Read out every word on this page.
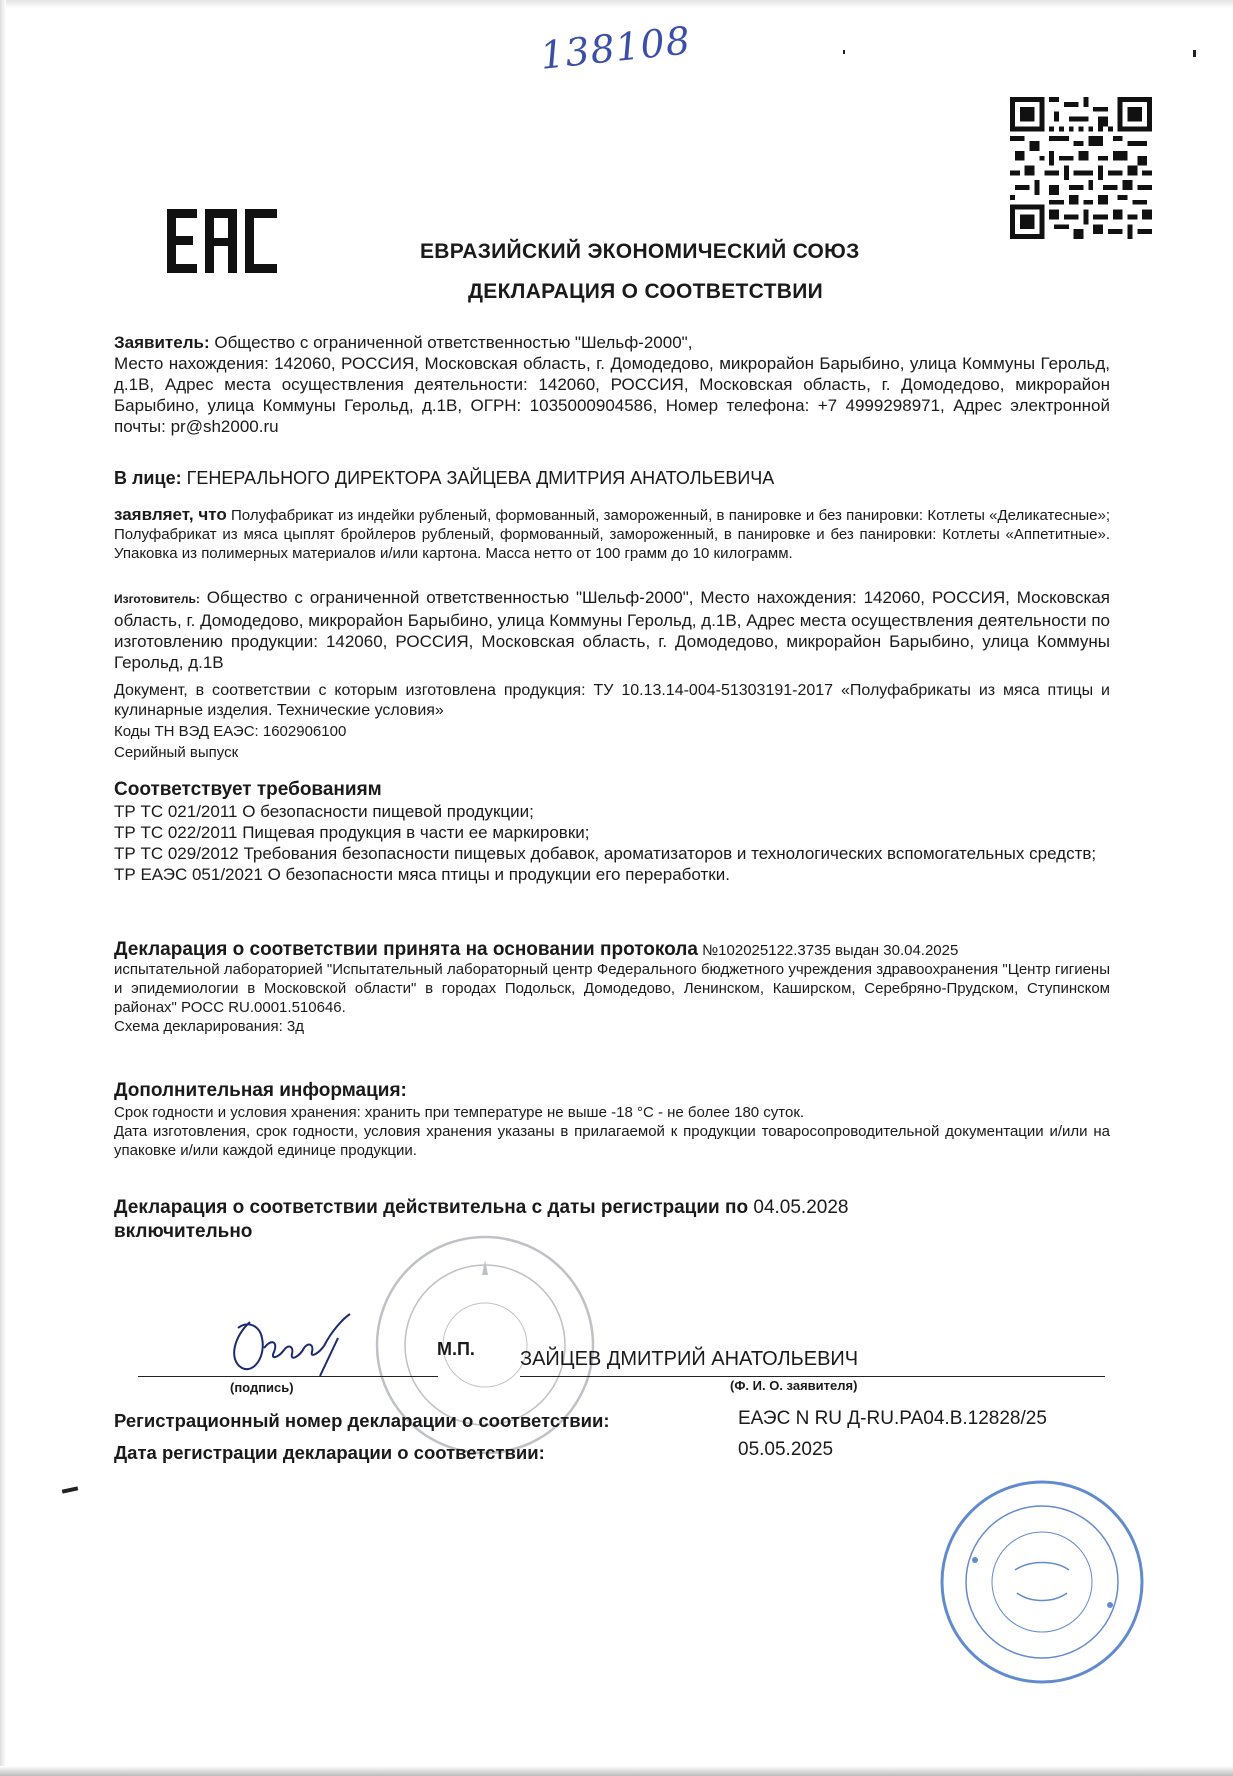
138108
ЕВРАЗИЙСКИЙ ЭКОНОМИЧЕСКИЙ СОЮЗ
ДЕКЛАРАЦИЯ О СООТВЕТСТВИИ
Заявитель: Общество с ограниченной ответственностью "Шельф-2000",
Место нахождения: 142060, РОССИЯ, Московская область, г. Домодедово, микрорайон Барыбино, улица Коммуны Герольд, д.1В, Адрес места осуществления деятельности: 142060, РОССИЯ, Московская область, г. Домодедово, микрорайон Барыбино, улица Коммуны Герольд, д.1В, ОГРН: 1035000904586, Номер телефона: +7 4999298971, Адрес электронной почты: pr@sh2000.ru
В лице: ГЕНЕРАЛЬНОГО ДИРЕКТОРА ЗАЙЦЕВА ДМИТРИЯ АНАТОЛЬЕВИЧА
заявляет, что Полуфабрикат из индейки рубленый, формованный, замороженный, в панировке и без панировки: Котлеты «Деликатесные»; Полуфабрикат из мяса цыплят бройлеров рубленый, формованный, замороженный, в панировке и без панировки: Котлеты «Аппетитные». Упаковка из полимерных материалов и/или картона. Масса нетто от 100 грамм до 10 килограмм.
Изготовитель: Общество с ограниченной ответственностью "Шельф-2000", Место нахождения: 142060, РОССИЯ, Московская область, г. Домодедово, микрорайон Барыбино, улица Коммуны Герольд, д.1В, Адрес места осуществления деятельности по изготовлению продукции: 142060, РОССИЯ, Московская область, г. Домодедово, микрорайон Барыбино, улица Коммуны Герольд, д.1В
Документ, в соответствии с которым изготовлена продукция: ТУ 10.13.14-004-51303191-2017 «Полуфабрикаты из мяса птицы и кулинарные изделия. Технические условия»
Коды ТН ВЭД ЕАЭС: 1602906100
Серийный выпуск
Соответствует требованиям
ТР ТС 021/2011 О безопасности пищевой продукции;
ТР ТС 022/2011 Пищевая продукция в части ее маркировки;
ТР ТС 029/2012 Требования безопасности пищевых добавок, ароматизаторов и технологических вспомогательных средств;
ТР ЕАЭС 051/2021 О безопасности мяса птицы и продукции его переработки.
Декларация о соответствии принята на основании протокола №102025122.3735 выдан 30.04.2025
испытательной лабораторией "Испытательный лабораторный центр Федерального бюджетного учреждения здравоохранения "Центр гигиены и эпидемиологии в Московской области" в городах Подольск, Домодедово, Ленинском, Каширском, Серебряно-Прудском, Ступинском районах" РОСС RU.0001.510646.
Схема декларирования: 3д
Дополнительная информация:
Срок годности и условия хранения: хранить при температуре не выше -18 °С - не более 180 суток.
Дата изготовления, срок годности, условия хранения указаны в прилагаемой к продукции товаросопроводительной документации и/или на упаковке и/или каждой единице продукции.
Декларация о соответствии действительна с даты регистрации по 04.05.2028
включительно
М.П. ЗАЙЦЕВ ДМИТРИЙ АНАТОЛЬЕВИЧ
(подпись)	(Ф. И. О. заявителя)
Регистрационный номер декларации о соответствии:	ЕАЭС N RU Д-RU.РА04.В.12828/25
Дата регистрации декларации о соответствии:	05.05.2025
